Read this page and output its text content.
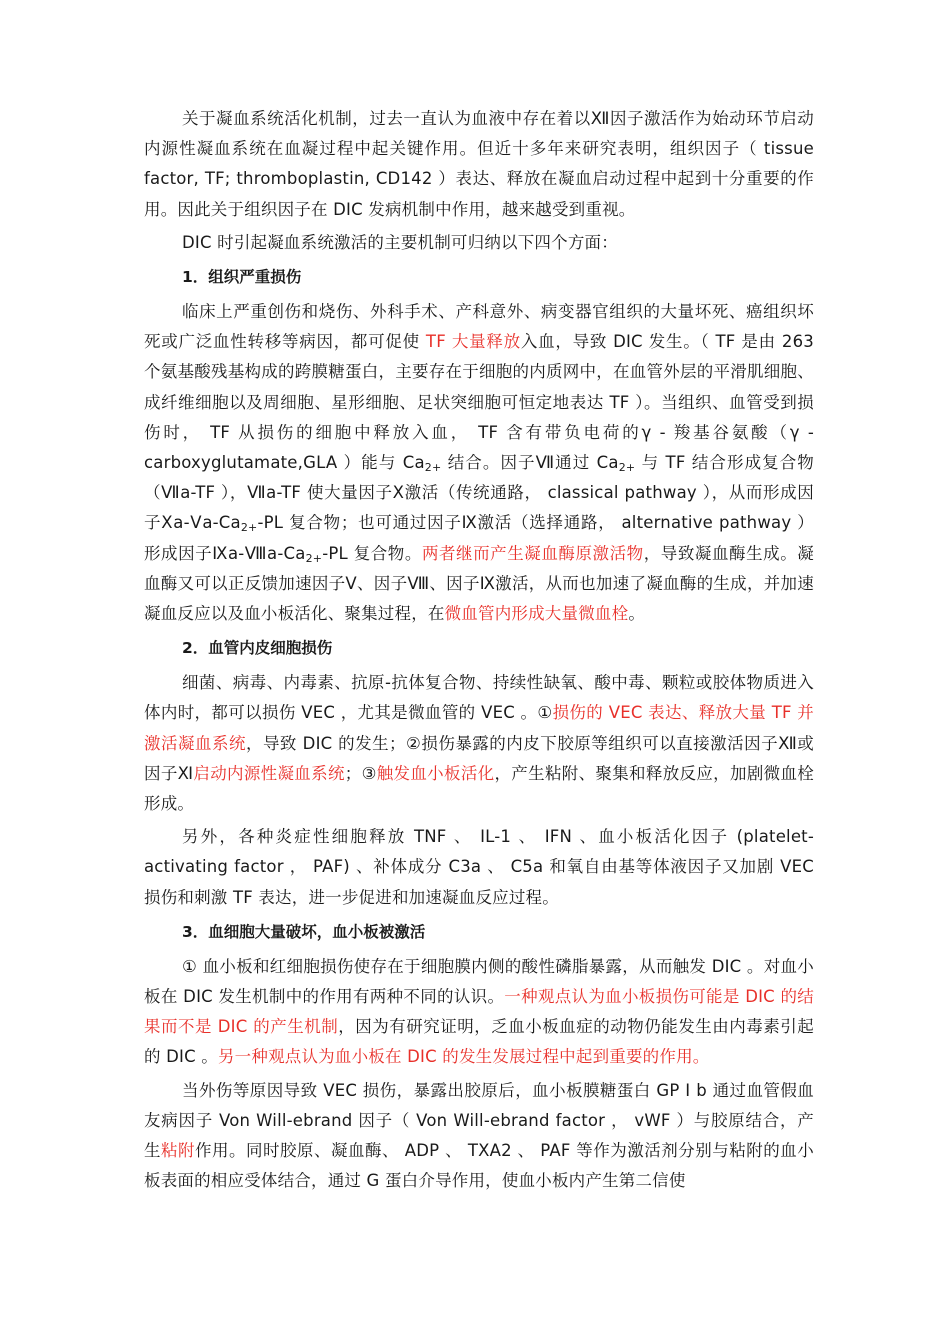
关于凝血系统活化机制，过去一直认为血液中存在着以Ⅻ因子激活作为始动环节启动内源性凝血系统在血凝过程中起关键作用。但近十多年来研究表明，组织因子（ tissue factor, TF; thromboplastin, CD142 ）表达、释放在凝血启动过程中起到十分重要的作用。因此关于组织因子在 DIC 发病机制中作用，越来越受到重视。

DIC 时引起凝血系统激活的主要机制可归纳以下四个方面：

1．组织严重损伤

临床上严重创伤和烧伤、外科手术、产科意外、病变器官组织的大量坏死、癌组织坏死或广泛血性转移等病因，都可促使 TF 大量释放入血，导致 DIC 发生。（ TF 是由 263 个氨基酸残基构成的跨膜糖蛋白，主要存在于细胞的内质网中，在血管外层的平滑肌细胞、成纤维细胞以及周细胞、星形细胞、足状突细胞可恒定地表达 TF ）。当组织、血管受到损伤时， TF 从损伤的细胞中释放入血， TF 含有带负电荷的γ - 羧基谷氨酸（γ -carboxyglutamate,GLA ）能与 $Ca_{2+}$ 结合。因子Ⅶ通过 $Ca_{2+}$ 与 TF 结合形成复合物（Ⅶa-TF ），Ⅶa-TF 使大量因子Ⅹ激活（传统通路， classical pathway ），从而形成因子$Ⅹa-Ⅴa-Ca_{2+}-PL$ 复合物；也可通过因子Ⅸ激活（选择通路， alternative pathway ）形成因子$Ⅸa-Ⅷa-Ca_{2+}-PL$ 复合物。两者继而产生凝血酶原激活物，导致凝血酶生成。凝血酶又可以正反馈加速因子Ⅴ、因子Ⅷ、因子Ⅸ激活，从而也加速了凝血酶的生成，并加速凝血反应以及血小板活化、聚集过程，在微血管内形成大量微血栓。

2．血管内皮细胞损伤

细菌、病毒、内毒素、抗原-抗体复合物、持续性缺氧、酸中毒、颗粒或胶体物质进入体内时，都可以损伤 VEC ，尤其是微血管的 VEC 。①损伤的 VEC 表达、释放大量 TF 并激活凝血系统，导致 DIC 的发生；②损伤暴露的内皮下胶原等组织可以直接激活因子Ⅻ或因子Ⅺ启动内源性凝血系统；③触发血小板活化，产生粘附、聚集和释放反应，加剧微血栓形成。

另外，各种炎症性细胞释放 TNF 、 IL-1 、 IFN 、血小板活化因子 (platelet-activating factor ， PAF) 、补体成分 C3a 、 C5a 和氧自由基等体液因子又加剧 VEC 损伤和刺激 TF 表达，进一步促进和加速凝血反应过程。

3．血细胞大量破坏，血小板被激活

① 血小板和红细胞损伤使存在于细胞膜内侧的酸性磷脂暴露，从而触发 DIC 。对血小板在 DIC 发生机制中的作用有两种不同的认识。一种观点认为血小板损伤可能是 DIC 的结果而不是 DIC 的产生机制，因为有研究证明，乏血小板血症的动物仍能发生由内毒素引起的 DIC 。另一种观点认为血小板在 DIC 的发生发展过程中起到重要的作用。

当外伤等原因导致 VEC 损伤，暴露出胶原后，血小板膜糖蛋白 GP Ⅰ b 通过血管假血友病因子 Von Will-ebrand 因子（ Von Will-ebrand factor ， vWF ）与胶原结合，产生粘附作用。同时胶原、凝血酶、 ADP 、 TXA2 、 PAF 等作为激活剂分别与粘附的血小板表面的相应受体结合，通过 G 蛋白介导作用，使血小板内产生第二信使
